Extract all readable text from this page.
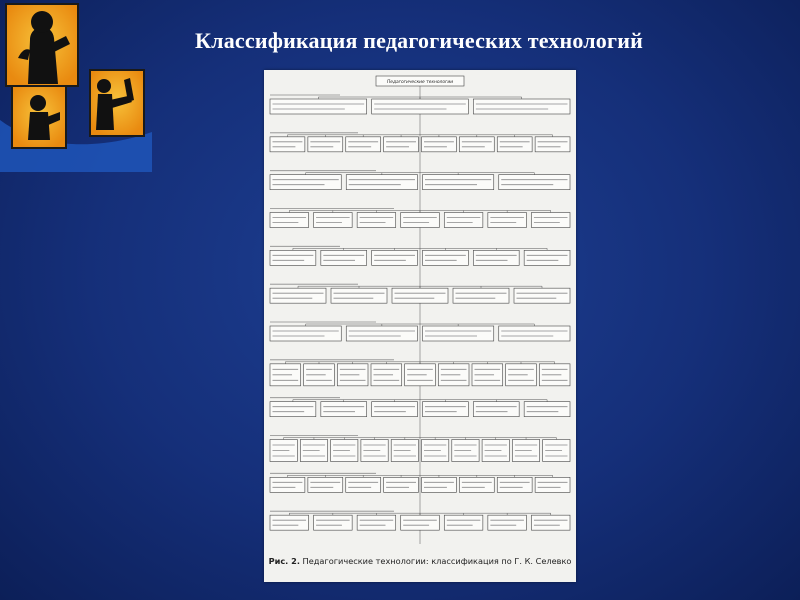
Классификация педагогических технологий
Педагогические технологии
Рис. 2. Педагогические технологии: классификация по Г. К. Селевко
